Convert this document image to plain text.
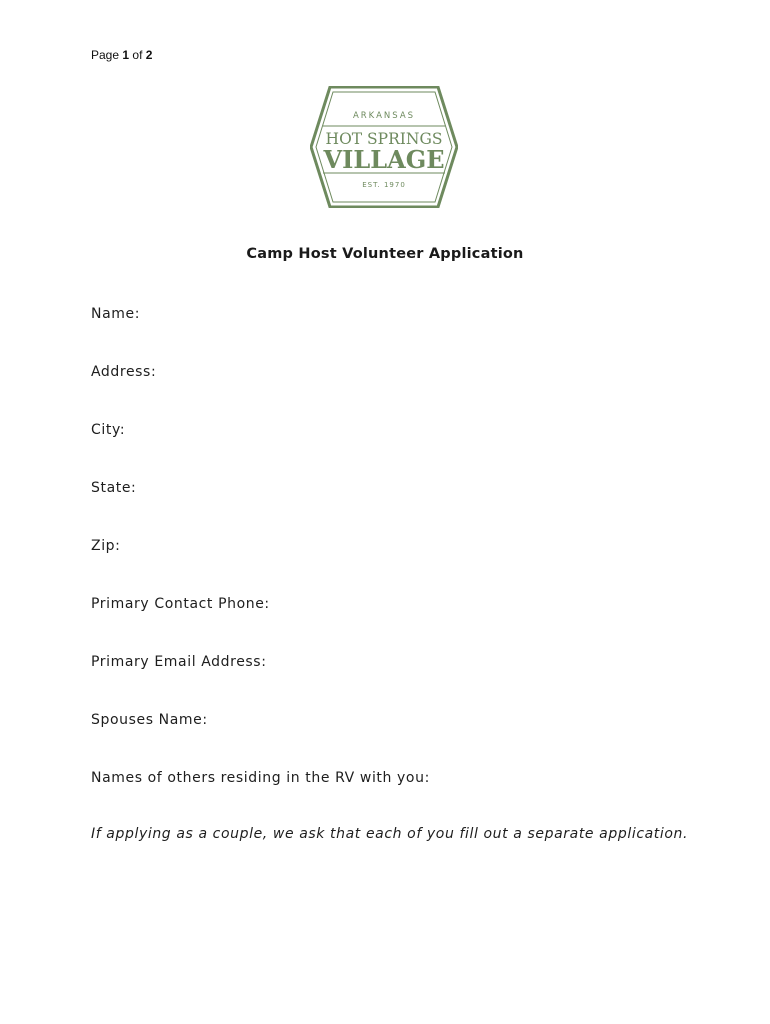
Page 1 of 2
ARKANSAS
HOT SPRINGS
VILLAGE
EST. 1970
Camp Host Volunteer Application
Name:
Address:
City:
State:
Zip:
Primary Contact Phone:
Primary Email Address:
Spouses Name:
Names of others residing in the RV with you:
If applying as a couple, we ask that each of you fill out a separate application.
